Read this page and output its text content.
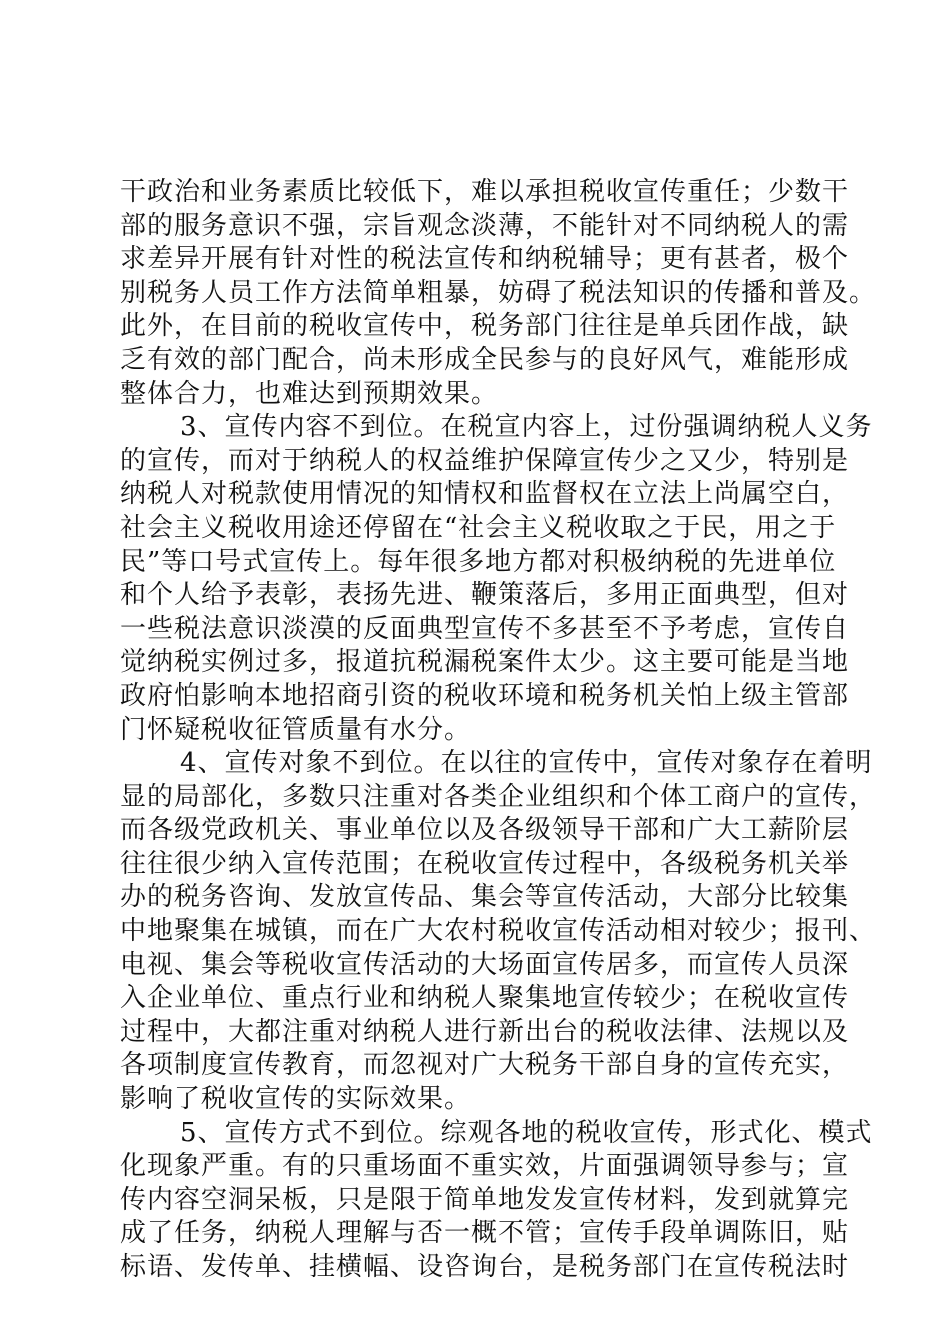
干政治和业务素质比较低下，难以承担税收宣传重任；少数干
部的服务意识不强，宗旨观念淡薄，不能针对不同纳税人的需
求差异开展有针对性的税法宣传和纳税辅导；更有甚者，极个
别税务人员工作方法简单粗暴，妨碍了税法知识的传播和普及。
此外，在目前的税收宣传中，税务部门往往是单兵团作战，缺
乏有效的部门配合，尚未形成全民参与的良好风气，难能形成
整体合力，也难达到预期效果。
3、宣传内容不到位。在税宣内容上，过份强调纳税人义务
的宣传，而对于纳税人的权益维护保障宣传少之又少，特别是
纳税人对税款使用情况的知情权和监督权在立法上尚属空白，
社会主义税收用途还停留在“社会主义税收取之于民，用之于
民”等口号式宣传上。每年很多地方都对积极纳税的先进单位
和个人给予表彰，表扬先进、鞭策落后，多用正面典型，但对
一些税法意识淡漠的反面典型宣传不多甚至不予考虑，宣传自
觉纳税实例过多，报道抗税漏税案件太少。这主要可能是当地
政府怕影响本地招商引资的税收环境和税务机关怕上级主管部
门怀疑税收征管质量有水分。
4、宣传对象不到位。在以往的宣传中，宣传对象存在着明
显的局部化，多数只注重对各类企业组织和个体工商户的宣传，
而各级党政机关、事业单位以及各级领导干部和广大工薪阶层
往往很少纳入宣传范围；在税收宣传过程中，各级税务机关举
办的税务咨询、发放宣传品、集会等宣传活动，大部分比较集
中地聚集在城镇，而在广大农村税收宣传活动相对较少；报刊、
电视、集会等税收宣传活动的大场面宣传居多，而宣传人员深
入企业单位、重点行业和纳税人聚集地宣传较少；在税收宣传
过程中，大都注重对纳税人进行新出台的税收法律、法规以及
各项制度宣传教育，而忽视对广大税务干部自身的宣传充实，
影响了税收宣传的实际效果。
5、宣传方式不到位。综观各地的税收宣传，形式化、模式
化现象严重。有的只重场面不重实效，片面强调领导参与；宣
传内容空洞呆板，只是限于简单地发发宣传材料，发到就算完
成了任务，纳税人理解与否一概不管；宣传手段单调陈旧，贴
标语、发传单、挂横幅、设咨询台，是税务部门在宣传税法时
